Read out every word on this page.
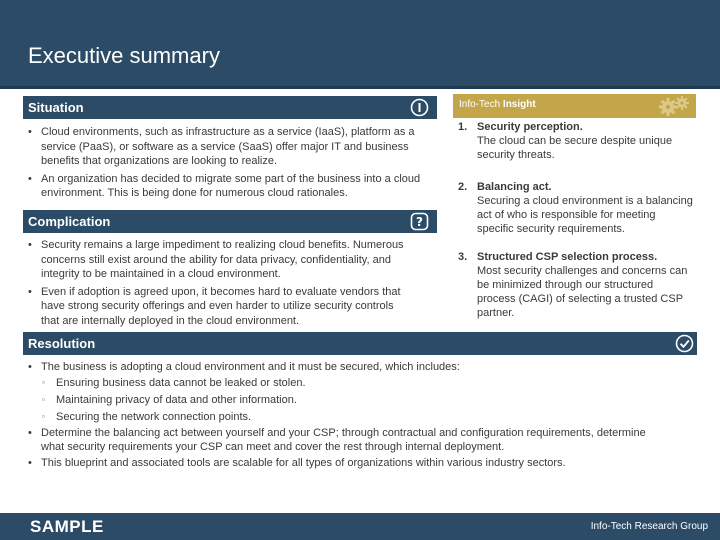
Executive summary
Situation
• Cloud environments, such as infrastructure as a service (IaaS), platform as a service (PaaS), or software as a service (SaaS) offer major IT and business benefits that organizations are looking to realize.
• An organization has decided to migrate some part of the business into a cloud environment. This is being done for numerous cloud rationales.
Complication	?
• Security remains a large impediment to realizing cloud benefits. Numerous concerns still exist around the ability for data privacy, confidentiality, and integrity to be maintained in a cloud environment.
• Even if adoption is agreed upon, it becomes hard to evaluate vendors that have strong security offerings and even harder to utilize security controls that are internally deployed in the cloud environment.
Info-Tech Insight
1. Security perception.
The cloud can be secure despite unique security threats.
2. Balancing act.
Securing a cloud environment is a balancing act of who is responsible for meeting specific security requirements.
3. Structured CSP selection process.
Most security challenges and concerns can be minimized through our structured process (CAGI) of selecting a trusted CSP partner.
Resolution
• The business is adopting a cloud environment and it must be secured, which includes:
▫ Ensuring business data cannot be leaked or stolen.
▫ Maintaining privacy of data and other information.
▫ Securing the network connection points.
• Determine the balancing act between yourself and your CSP; through contractual and configuration requirements, determine what security requirements your CSP can meet and cover the rest through internal deployment.
• This blueprint and associated tools are scalable for all types of organizations within various industry sectors.
SAMPLE	Info-Tech Research Group
